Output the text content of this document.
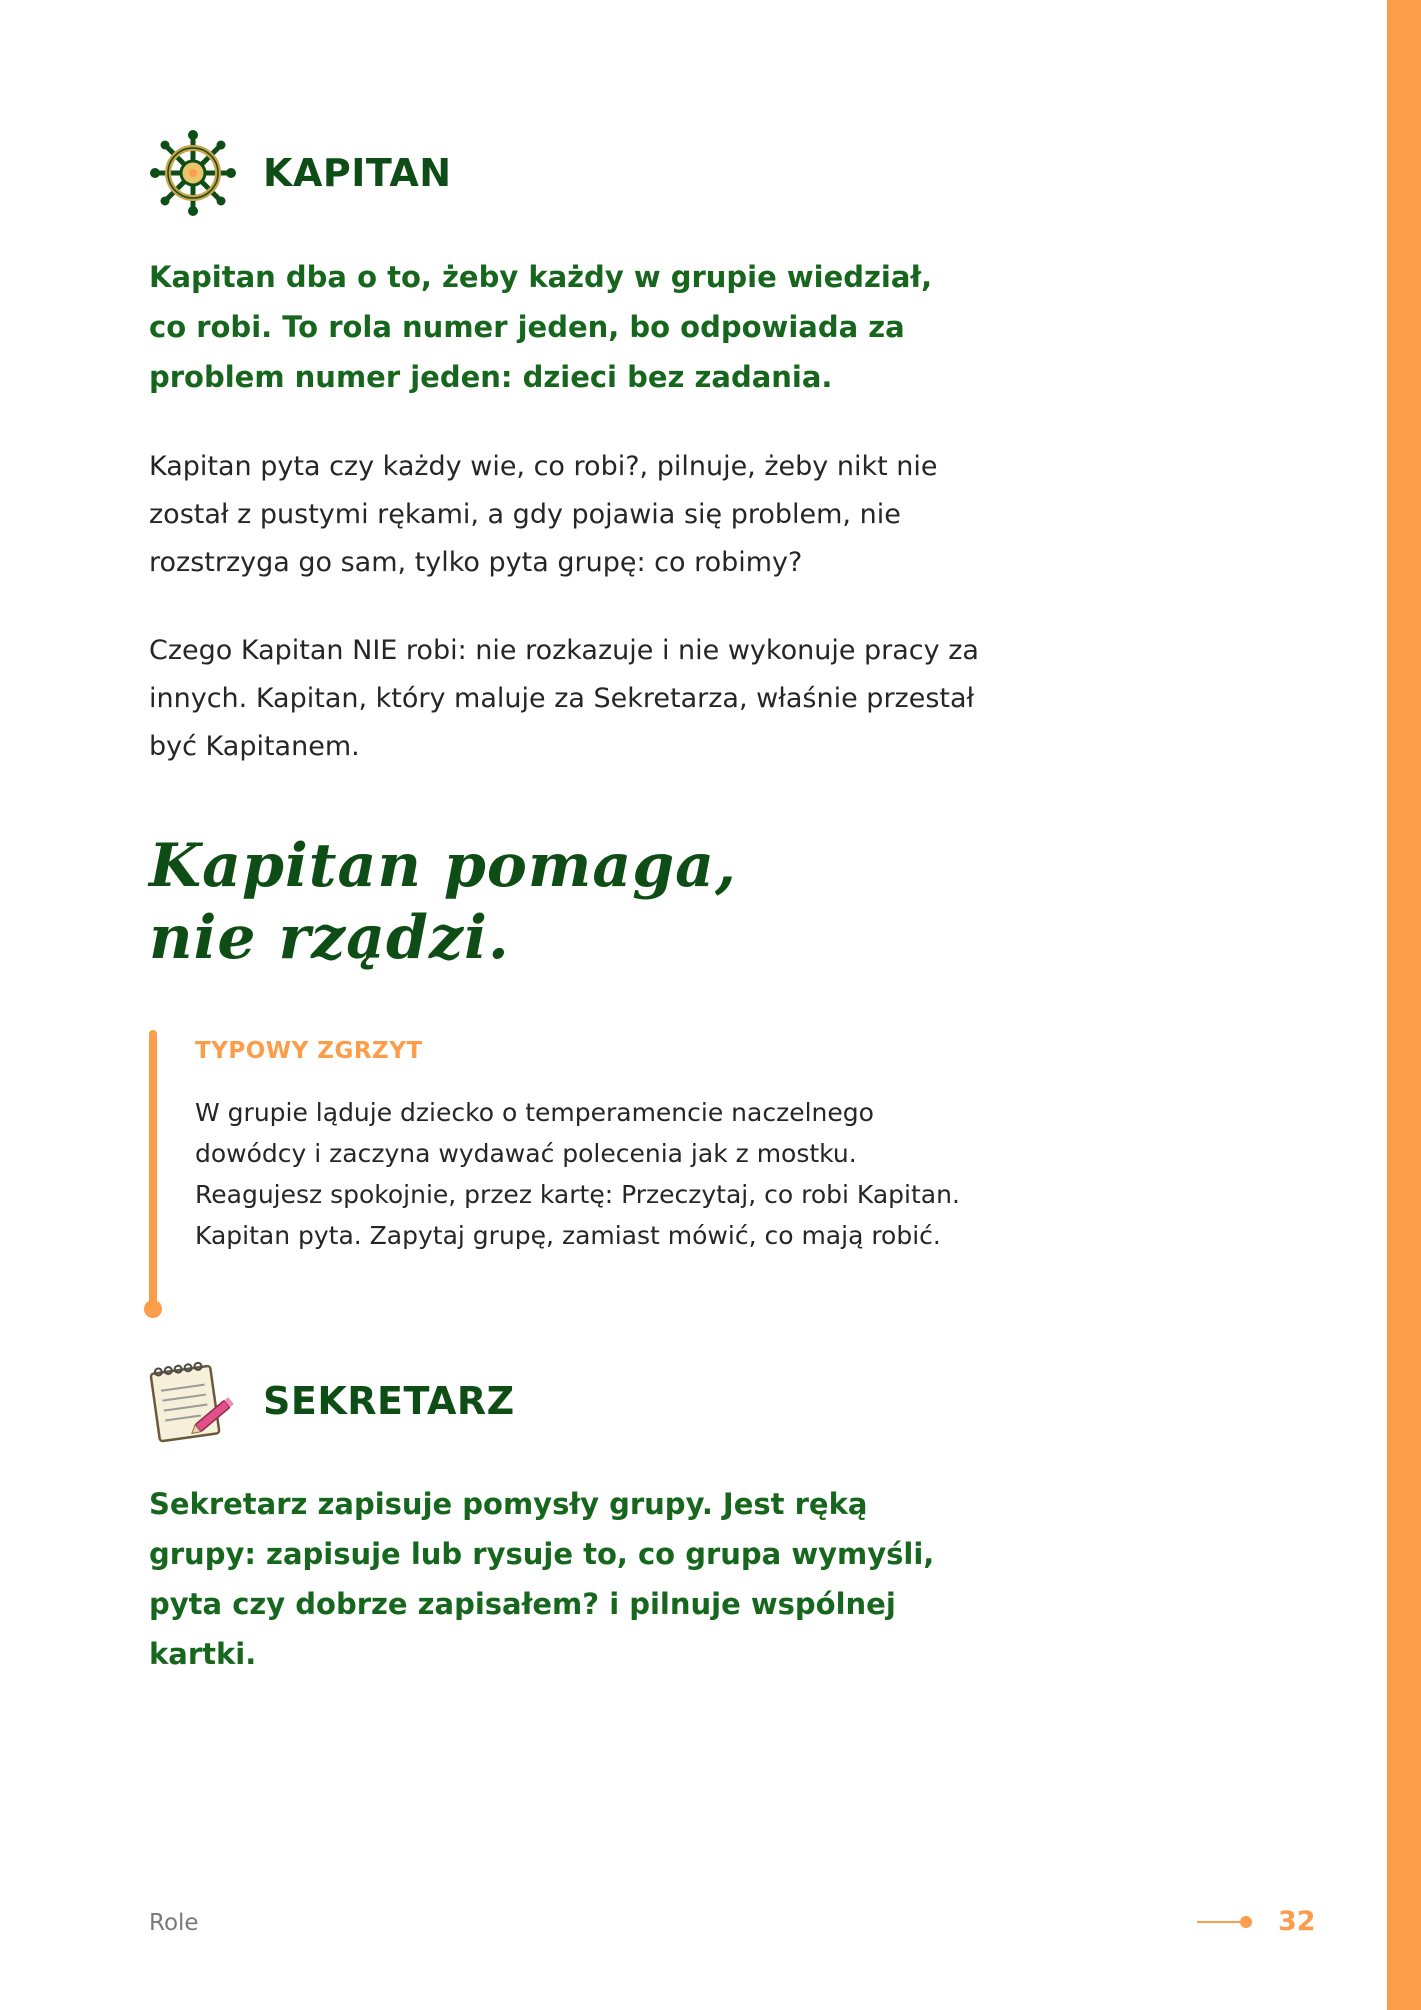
KAPITAN

Kapitan dba o to, żeby każdy w grupie wiedział, co robi. To rola numer jeden, bo odpowiada za problem numer jeden: dzieci bez zadania.

Kapitan pyta czy każdy wie, co robi?, pilnuje, żeby nikt nie został z pustymi rękami, a gdy pojawia się problem, nie rozstrzyga go sam, tylko pyta grupę: co robimy?

Czego Kapitan NIE robi: nie rozkazuje i nie wykonuje pracy za innych. Kapitan, który maluje za Sekretarza, właśnie przestał być Kapitanem.

Kapitan pomaga, nie rządzi.

TYPOWY ZGRZYT

W grupie ląduje dziecko o temperamencie naczelnego dowódcy i zaczyna wydawać polecenia jak z mostku. Reagujesz spokojnie, przez kartę: Przeczytaj, co robi Kapitan. Kapitan pyta. Zapytaj grupę, zamiast mówić, co mają robić.

SEKRETARZ

Sekretarz zapisuje pomysły grupy. Jest ręką grupy: zapisuje lub rysuje to, co grupa wymyśli, pyta czy dobrze zapisałem? i pilnuje wspólnej kartki.

Role	32
